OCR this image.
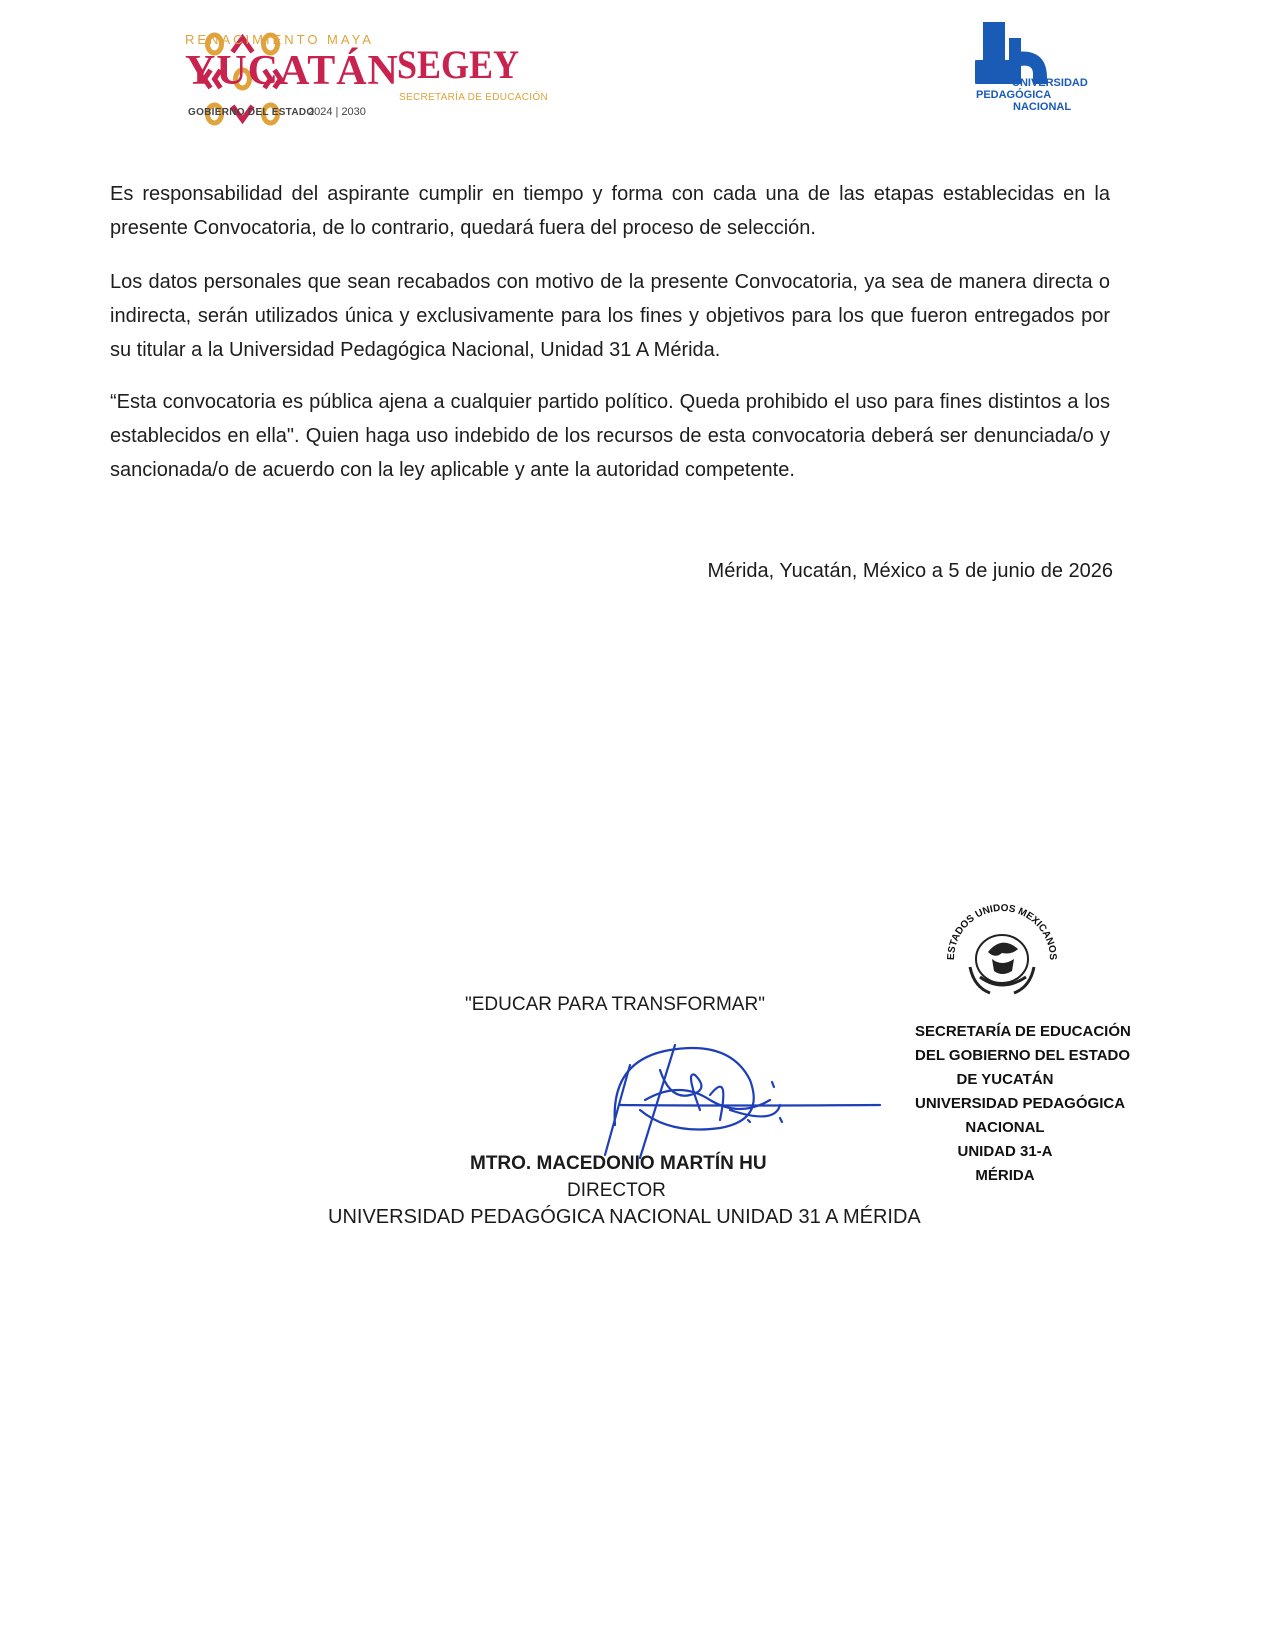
RENACIMIENTO MAYA
YUCATÁN
GOBIERNO DEL ESTADO
2024 | 2030
SEGEY
SECRETARÍA DE EDUCACIÓN
UNIVERSIDAD
PEDAGÓGICA
NACIONAL
Es responsabilidad del aspirante cumplir en tiempo y forma con cada una de las etapas establecidas en la presente Convocatoria, de lo contrario, quedará fuera del proceso de selección.
Los datos personales que sean recabados con motivo de la presente Convocatoria, ya sea de manera directa o indirecta, serán utilizados única y exclusivamente para los fines y objetivos para los que fueron entregados por su titular a la Universidad Pedagógica Nacional, Unidad 31 A Mérida.
“Esta convocatoria es pública ajena a cualquier partido político. Queda prohibido el uso para fines distintos a los establecidos en ella". Quien haga uso indebido de los recursos de esta convocatoria deberá ser denunciada/o y sancionada/o de acuerdo con la ley aplicable y ante la autoridad competente.
Mérida, Yucatán, México a 5 de junio de 2026
"EDUCAR PARA TRANSFORMAR"
MTRO. MACEDONIO MARTÍN HU
DIRECTOR
UNIVERSIDAD PEDAGÓGICA NACIONAL UNIDAD 31 A MÉRIDA
ESTADOS UNIDOS MEXICANOS
SECRETARÍA DE EDUCACIÓN
DEL GOBIERNO DEL ESTADO
DE YUCATÁN
UNIVERSIDAD PEDAGÓGICA
NACIONAL
UNIDAD 31-A
MÉRIDA
